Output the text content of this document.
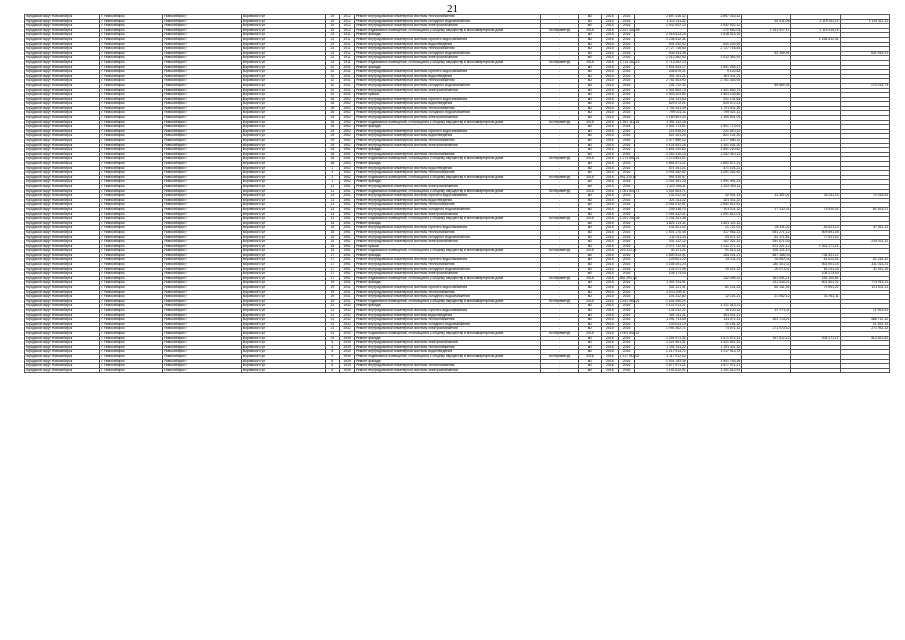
21
городской округ Новосибирск	г. Новосибирск	Новосибирск г	Воровского ул	19	1912	Ремонт внутридомовой инженерной системы теплоснабжения	-	м2	2015	2016	2 697 316,32	2 697 316,32			
городской округ Новосибирск	г. Новосибирск	Новосибирск г	Воровского ул	19	1912	Ремонт внутридомовой инженерной системы холодного водоснабжения	-	м2	2015	2016	1 312 211,32		62 411,09	1 119 311,12	1 119 311,12
городской округ Новосибирск	г. Новосибирск	Новосибирск г	Воровского ул	19	1912	Ремонт внутридомовой инженерной системы электроснабжения	-	м2	2015	2016	1 932 522,12	1 932 522,12			
городской округ Новосибирск	г. Новосибирск	Новосибирск г	Воровского ул	19	1912	Ремонт подвальных помещений, относящихся к общему имуществу в многоквартирном доме	по периметру	2015	2016	2 221 341,59		270 962,03	1 911 917,17	1 119 119,15	
городской округ Новосибирск	г. Новосибирск	Новосибирск г	Воровского ул	23	1911	Ремонт фасада	-	м2	2015	2016	2 918 513,19	1 918 513,19			
городской округ Новосибирск	г. Новосибирск	Новосибирск г	Воровского ул	23	1911	Ремонт внутридомовой инженерной системы горячего водоснабжения	-	м2	2015	2016	1 235 412,31			1 235 412,31	
городской округ Новосибирск	г. Новосибирск	Новосибирск г	Воровского ул	23	1911	Ремонт внутридомовой инженерной системы водоотведения	-	м2	2015	2016	531 232,92	531 232,92			
городской округ Новосибирск	г. Новосибирск	Новосибирск г	Воровского ул	23	1911	Ремонт внутридомовой инженерной системы теплоснабжения	-	м2	2015	2016	2 727 716,53	2 727 716,53			
городской округ Новосибирск	г. Новосибирск	Новосибирск г	Воровского ул	23	1911	Ремонт внутридомовой инженерной системы холодного водоснабжения	-	м2	2015	2016	932 511,35		53 160,91		831 919,21
городской округ Новосибирск	г. Новосибирск	Новосибирск г	Воровского ул	23	1911	Ремонт внутридомовой инженерной системы электроснабжения	-	м2	2015	2016	1 012 352,92	1 012 352,92			
городской округ Новосибирск	г. Новосибирск	Новосибирск г	Воровского ул	23	1911	Ремонт подвальных помещений, относящихся к общему имуществу в многоквартирном доме	по периметру	2015	2016	1 713 202,13	1 713 202,13				
городской округ Новосибирск	г. Новосибирск	Новосибирск г	Воровского ул	32	1931	Ремонт фасада	-	м2	2015	2016	1 901 533,17	1 901 533,17			
городской округ Новосибирск	г. Новосибирск	Новосибирск г	Воровского ул	32	1931	Ремонт внутридомовой инженерной системы горячего водоснабжения	-	м2	2015	2016	235 675,21	9 120,53			
городской округ Новосибирск	г. Новосибирск	Новосибирск г	Воровского ул	32	1931	Ремонт внутридомовой инженерной системы водоотведения	-	м2	2015	2016	301 311,21	301 311,21			
городской округ Новосибирск	г. Новосибирск	Новосибирск г	Воровского ул	32	1931	Ремонт внутридомовой инженерной системы теплоснабжения	-	м2	2015	2016	2 751 303,93	2 751 303,93			
городской округ Новосибирск	г. Новосибирск	Новосибирск г	Воровского ул	32	1931	Ремонт внутридомовой инженерной системы холодного водоснабжения	-	м2	2015	2016	231 712,32		55 560,31		170 213,73
городской округ Новосибирск	г. Новосибирск	Новосибирск г	Воровского ул	32	1931	Ремонт внутридомовой инженерной системы электроснабжения	-	м2	2015	2016	1 301 502,73	1 301 502,73			
городской округ Новосибирск	г. Новосибирск	Новосибирск г	Воровского ул	32	1931	Ремонт крыши	-	м2	2015	2016	2 903 103,50	2 903 103,50			
городской округ Новосибирск	г. Новосибирск	Новосибирск г	Воровского ул	26	1952	Ремонт внутридомовой инженерной системы горячего водоснабжения	-	м2	2015	2016	231 131,63	231 131,63			
городской округ Новосибирск	г. Новосибирск	Новосибирск г	Воровского ул	26	1952	Ремонт внутридомовой инженерной системы водоотведения	-	м2	2015	2016	529 072,21	529 072,21			
городской округ Новосибирск	г. Новосибирск	Новосибирск г	Воровского ул	26	1952	Ремонт внутридомовой инженерной системы теплоснабжения	-	м2	2015	2016	1 701 511,39	1 701 511,39			
городской округ Новосибирск	г. Новосибирск	Новосибирск г	Воровского ул	26	1952	Ремонт внутридомовой инженерной системы холодного водоснабжения	-	м2	2015	2016	799 021,11	799 021,11			
городской округ Новосибирск	г. Новосибирск	Новосибирск г	Воровского ул	26	1952	Ремонт внутридомовой инженерной системы электроснабжения	-	м2	2015	2016	1 160 501,03	1 160 501,03			
городской округ Новосибирск	г. Новосибирск	Новосибирск г	Воровского ул	26	1952	Ремонт подвальных помещений, относящихся к общему имуществу в многоквартирном доме	по периметру	2015	2016	1 391 112,15	1 391 112,15				
городской округ Новосибирск	г. Новосибирск	Новосибирск г	Воровского ул	26	1952	Ремонт фасада	-	м2	2015	2016	1 901 773,01	1 901 773,01			
городской округ Новосибирск	г. Новосибирск	Новосибирск г	Воровского ул	29	1952	Ремонт внутридомовой инженерной системы горячего водоснабжения	-	м2	2015	2016	221 510,23	221 510,23			
городской округ Новосибирск	г. Новосибирск	Новосибирск г	Воровского ул	29	1952	Ремонт внутридомовой инженерной системы водоотведения	-	м2	2015	2016	521 101,20	521 101,20			
городской округ Новосибирск	г. Новосибирск	Новосибирск г	Воровского ул	29	1952	Ремонт внутридомовой инженерной системы теплоснабжения	-	м2	2015	2016	1 477 580,12	1 477 580,12			
городской округ Новосибирск	г. Новосибирск	Новосибирск г	Воровского ул	29	1952	Ремонт внутридомовой инженерной системы электроснабжения	-	м2	2015	2016	1 101 531,20	1 101 531,20			
городской округ Новосибирск	г. Новосибирск	Новосибирск г	Воровского ул	28	1951	Ремонт фасада	-	м2	2015	2016	1 691 220,62	1 691 220,62			
городской округ Новосибирск	г. Новосибирск	Новосибирск г	Воровского ул	28	1951	Ремонт внутридомовой инженерной системы теплоснабжения	-	м2	2015	2016	1 052 310,13	1 052 310,13			
городской округ Новосибирск	г. Новосибирск	Новосибирск г	Воровского ул	28	1951	Ремонт подвальных помещений, относящихся к общему имуществу в многоквартирном доме	по периметру	2015	2016	1 273 891,21	1 273 891,21				
городской округ Новосибирск	г. Новосибирск	Новосибирск г	Воровского ул	38	1952	Ремонт фасада	-	м2	2015	2016	1 891 571,21	1 891 571,21			
городской округ Новосибирск	г. Новосибирск	Новосибирск г	Воровского ул	1	1952	Ремонт внутридомовой инженерной системы водоотведения	-	м2	2015	2016	471 101,21	471 101,21			
городской округ Новосибирск	г. Новосибирск	Новосибирск г	Воровского ул	1	1952	Ремонт внутридомовой инженерной системы теплоснабжения	-	м2	2015	2016	1 091 332,52	1 091 332,52			
городской округ Новосибирск	г. Новосибирск	Новосибирск г	Воровского ул	1	1952	Ремонт подвальных помещений, относящихся к общему имуществу в многоквартирном доме	по периметру	2015	2016	991 310,97	991 310,97				
городской округ Новосибирск	г. Новосибирск	Новосибирск г	Воровского ул	1	1952	Ремонт фасада	-	м2	2015	2016	1 091 491,23	1 091 491,23			
городской округ Новосибирск	г. Новосибирск	Новосибирск г	Воровского ул	11	1951	Ремонт внутридомовой инженерной системы электроснабжения	-	м2	2015	2016	1 322 393,11	1 322 393,11			
городской округ Новосибирск	г. Новосибирск	Новосибирск г	Воровского ул	11	1951	Ремонт подвальных помещений, относящихся к общему имуществу в многоквартирном доме	по периметру	2015	2016	1 001 503,71	1 001 503,71				
городской округ Новосибирск	г. Новосибирск	Новосибирск г	Воровского ул	13	1951	Ремонт внутридомовой инженерной системы горячего водоснабжения	-	м2	2015	2016	131 012,32	32 001,13	11 301,01	41 011,14	72 015,03
городской округ Новосибирск	г. Новосибирск	Новосибирск г	Воровского ул	13	1951	Ремонт внутридомовой инженерной системы водоотведения	-	м2	2015	2016	321 311,22	321 311,22			
городской округ Новосибирск	г. Новосибирск	Новосибирск г	Воровского ул	13	1951	Ремонт внутридомовой инженерной системы теплоснабжения	-	м2	2015	2016	2 091 012,51	2 091 012,51			
городской округ Новосибирск	г. Новосибирск	Новосибирск г	Воровского ул	13	1951	Ремонт внутридомовой инженерной системы холодного водоснабжения	-	м2	2015	2016	239 316,73	101 211,12	17 132,11	73 910,31	81 523,21
городской округ Новосибирск	г. Новосибирск	Новосибирск г	Воровского ул	13	1951	Ремонт внутридомовой инженерной системы электроснабжения	-	м2	2015	2016	1 091 512,01	1 091 512,01			
городской округ Новосибирск	г. Новосибирск	Новосибирск г	Воровского ул	13	1951	Ремонт подвальных помещений, относящихся к общему имуществу в многоквартирном доме	по периметру	2015	2016	1 201 201,36	1 201 201,36				
городской округ Новосибирск	г. Новосибирск	Новосибирск г	Воровского ул	15	1951	Ремонт фасада	-	м2	2015	2016	1 821 121,11	1 821 121,11			
городской округ Новосибирск	г. Новосибирск	Новосибирск г	Воровского ул	15	1951	Ремонт внутридомовой инженерной системы горячего водоснабжения	-	м2	2015	2016	131 521,02	21 721,01	29 311,22	43 021,12	37 511,12
городской округ Новосибирск	г. Новосибирск	Новосибирск г	Воровского ул	15	1951	Ремонт внутридомовой инженерной системы теплоснабжения	-	м2	2015	2016	1 901 170,35	317 982,12	691 271,12	609 891,05	
городской округ Новосибирск	г. Новосибирск	Новосибирск г	Воровского ул	15	1951	Ремонт внутридомовой инженерной системы холодного водоснабжения	-	м2	2015	2016	211 011,33	93 071,12	52 171,51	77 521,02	
городской округ Новосибирск	г. Новосибирск	Новосибирск г	Воровского ул	15	1951	Ремонт внутридомовой инженерной системы электроснабжения	-	м2	2015	2016	331 122,12	107 321,22	291 071,03		225 021,11
городской округ Новосибирск	г. Новосибирск	Новосибирск г	Воровского ул	15	1951	Ремонт крыши	-	м2	2015	2016	2 071 712,52	1 211 271,12	873 321,12	1 002 171,21	
городской округ Новосибирск	г. Новосибирск	Новосибирск г	Воровского ул	15	1951	Ремонт подвальных помещений, относящихся к общему имуществу в многоквартирном доме	по периметру	2015	2016	219 312,01	30 121,21	91 013,13	100 121,12		
городской округ Новосибирск	г. Новосибирск	Новосибирск г	Воровского ул	17	1951	Ремонт фасада	-	м2	2015	2016	1 600 513,01	263 101,21	667 166,03	734 521,12	
городской округ Новосибирск	г. Новосибирск	Новосибирск г	Воровского ул	17	1951	Ремонт внутридомовой инженерной системы горячего водоснабжения	-	м2	2015	2016	129 621,22	19 211,21	32 902,11	41 023,01	52 215,32
городской округ Новосибирск	г. Новосибирск	Новосибирск г	Воровского ул	17	1951	Ремонт внутридомовой инженерной системы теплоснабжения	-	м2	2015	2016	1 035 101,23		240 101,11	502 001,15	311 013,21
городской округ Новосибирск	г. Новосибирск	Новосибирск г	Воровского ул	17	1951	Ремонт внутридомовой инженерной системы холодного водоснабжения	-	м2	2015	2016	131 071,05	19 021,12	20 071,11	61 011,33	31 911,10
городской округ Новосибирск	г. Новосибирск	Новосибирск г	Воровского ул	17	1951	Ремонт внутридомовой инженерной системы электроснабжения	-	м2	2015	2016	105 173,03			105 173,03	
городской округ Новосибирск	г. Новосибирск	Новосибирск г	Воровского ул	17	1951	Ремонт подвальных помещений, относящихся к общему имуществу в многоквартирном доме	по периметру	2015	2016	592 291,33		132 099,22	161 091,21	192 100,81	
городской округ Новосибирск	г. Новосибирск	Новосибирск г	Воровского ул	19	1931	Ремонт фасада	-	м2	2015	2016	1 301 911,91		231 030,21	601 501,21	773 914,11
городской округ Новосибирск	г. Новосибирск	Новосибирск г	Воровского ул	19	1931	Ремонт внутридомовой инженерной системы горячего водоснабжения	-	м2	2015	2016	331 121,91	81 131,23	60 131,92	73 901,22	121 011,11
городской округ Новосибирск	г. Новосибирск	Новосибирск г	Воровского ул	19	1931	Ремонт внутридомовой инженерной системы теплоснабжения	-	м2	2015	2016	2 013 209,11				
городской округ Новосибирск	г. Новосибирск	Новосибирск г	Воровского ул	19	1931	Ремонт внутридомовой инженерной системы холодного водоснабжения	-	м2	2015	2016	101 312,82	12 101,21	21 082,12	31 911,11	
городской округ Новосибирск	г. Новосибирск	Новосибирск г	Воровского ул	19	1931	Ремонт подвальных помещений, относящихся к общему имуществу в многоквартирном доме	по периметру	2015	2016	1 531 990,21	1 531 990,21				
городской округ Новосибирск	г. Новосибирск	Новосибирск г	Воровского ул	21	1932	Ремонт фасада	-	м2	2015	2016	1 121 013,21	1 121 013,21			
городской округ Новосибирск	г. Новосибирск	Новосибирск г	Воровского ул	21	1932	Ремонт внутридомовой инженерной системы горячего водоснабжения	-	м2	2015	2016	131 012,21	15 120,12	47 171,11		71 921,01
городской округ Новосибирск	г. Новосибирск	Новосибирск г	Воровского ул	21	1932	Ремонт внутридомовой инженерной системы водоотведения	-	м2	2015	2016	301 011,21	301 011,21			
городской округ Новосибирск	г. Новосибирск	Новосибирск г	Воровского ул	21	1932	Ремонт внутридомовой инженерной системы теплоснабжения	-	м2	2015	2016	1 291 711,53	131 071,11	301 713,21		466 712,12
городской округ Новосибирск	г. Новосибирск	Новосибирск г	Воровского ул	21	1932	Ремонт внутридомовой инженерной системы холодного водоснабжения	-	м2	2015	2016	103 013,13	21 191,12			21 931,12
городской округ Новосибирск	г. Новосибирск	Новосибирск г	Воровского ул	21	1932	Ремонт внутридомовой инженерной системы электроснабжения	-	м2	2015	2016	1 091 302,71	73 071,12	171 073,12		271 911,12
городской округ Новосибирск	г. Новосибирск	Новосибирск г	Воровского ул	21	1932	Ремонт подвальных помещений, относящихся к общему имуществу в многоквартирном доме	по периметру	2015	2016	1 001 511,12					
городской округ Новосибирск	г. Новосибирск	Новосибирск г	Воровского ул	23	1935	Ремонт фасада	-	м2	2016	2016	1 291 071,32	1 071 072,21	157 012,12	205 171,12	312 521,52
городской округ Новосибирск	г. Новосибирск	Новосибирск г	Воровского ул	5	1939	Ремонт внутридомовой инженерной системы электроснабжения	-	м2	2016	2016	1 421 501,31	1 421 501,31			
городской округ Новосибирск	г. Новосибирск	Новосибирск г	Воровского ул	5	1939	Ремонт внутридомовой инженерной системы теплоснабжения	-	м2	2016	2016	1 191 311,22	1 191 311,22			
городской округ Новосибирск	г. Новосибирск	Новосибирск г	Воровского ул	5	1939	Ремонт внутридомовой инженерной системы водоотведения	-	м2	2016	2016	1 217 913,72	1 217 913,72			
городской округ Новосибирск	г. Новосибирск	Новосибирск г	Воровского ул	5	1939	Ремонт подвальных помещений, относящихся к общему имуществу в многоквартирном доме	по периметру	2016	2016	1 117 912,02	1 117 912,02				
городской округ Новосибирск	г. Новосибирск	Новосибирск г	Воровского ул	6	1939	Ремонт фасада	-	м2	2016	2016	1 901 753,39	1 901 753,39			
городской округ Новосибирск	г. Новосибирск	Новосибирск г	Воровского ул	6	1939	Ремонт внутридомовой инженерной системы теплоснабжения	-	м2	2016	2016	1 877 971,21	1 877 971,21			
городской округ Новосибирск	г. Новосибирск	Новосибирск г	Воровского ул	6	1939	Ремонт внутридомовой инженерной системы электроснабжения	-	м2	2016	2016	1 191 512,91	1 191 512,91			
